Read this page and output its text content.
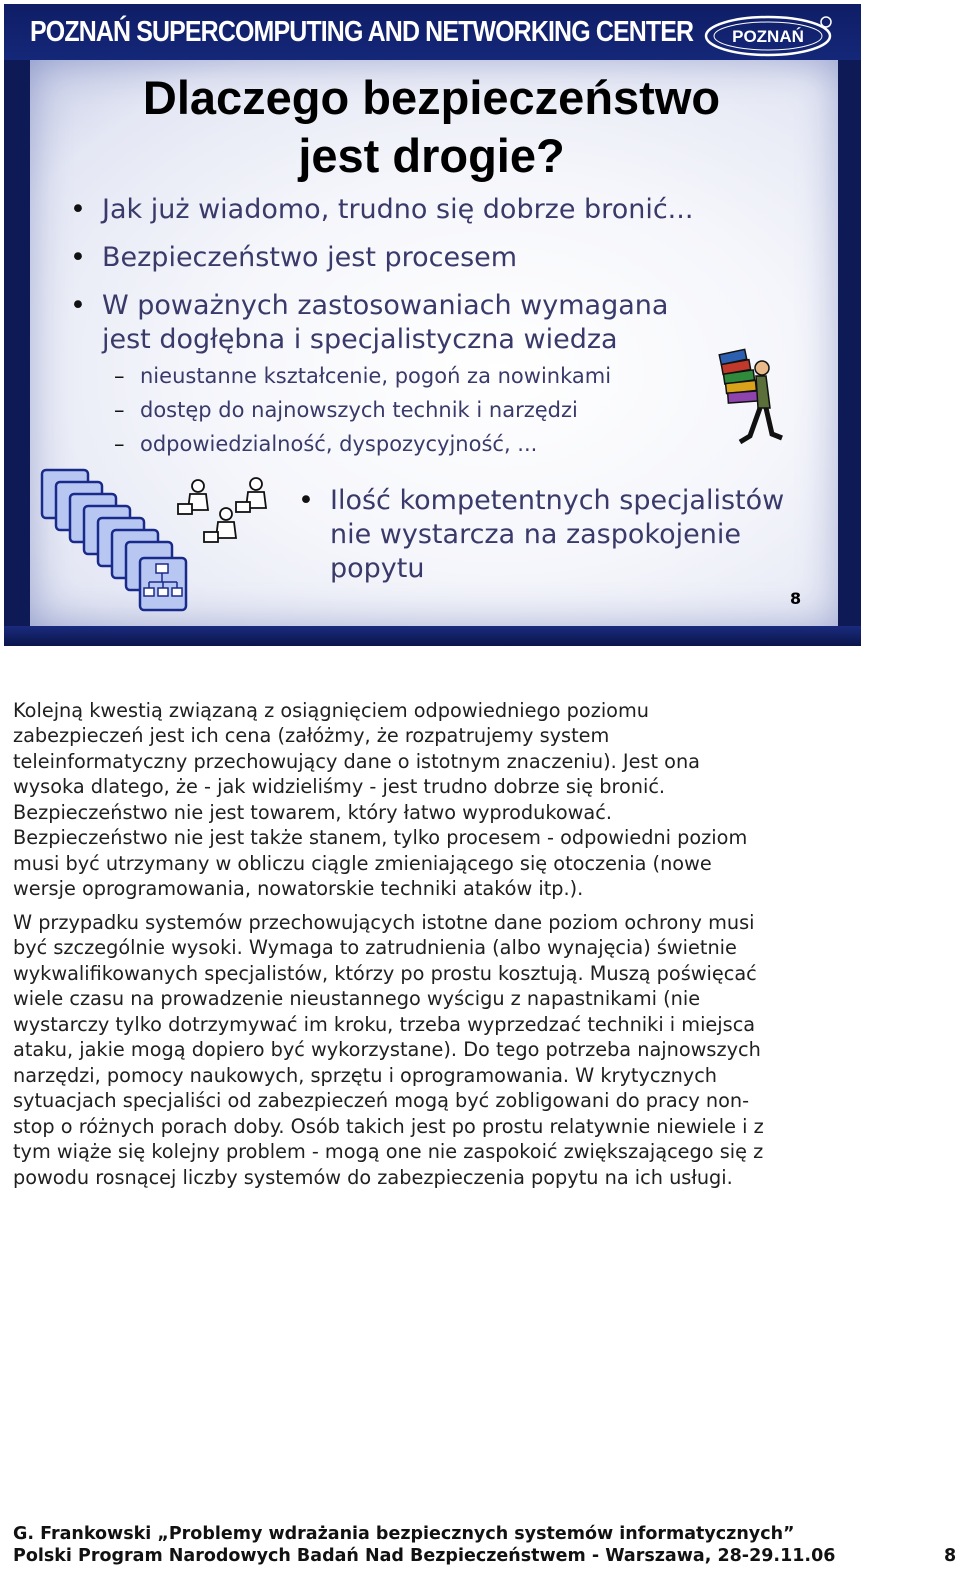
POZNAŃ SUPERCOMPUTING AND NETWORKING CENTER POZNAŃ
Dlaczego bezpieczeństwo
jest drogie?
• Jak już wiadomo, trudno się dobrze bronić...
• Bezpieczeństwo jest procesem
• W poważnych zastosowaniach wymagana
jest dogłębna i specjalistyczna wiedza
– nieustanne kształcenie, pogoń za nowinkami
– dostęp do najnowszych technik i narzędzi
– odpowiedzialność, dyspozycyjność, ...
• Ilość kompetentnych specjalistów
nie wystarcza na zaspokojenie
popytu
8

Kolejną kwestią związaną z osiągnięciem odpowiedniego poziomu

zabezpieczeń jest ich cena (załóżmy, że rozpatrujemy system

teleinformatyczny przechowujący dane o istotnym znaczeniu). Jest ona

wysoka dlatego, że - jak widzieliśmy - jest trudno dobrze się bronić.

Bezpieczeństwo nie jest towarem, który łatwo wyprodukować.

Bezpieczeństwo nie jest także stanem, tylko procesem - odpowiedni poziom

musi być utrzymany w obliczu ciągle zmieniającego się otoczenia (nowe

wersje oprogramowania, nowatorskie techniki ataków itp.).

W przypadku systemów przechowujących istotne dane poziom ochrony musi

być szczególnie wysoki. Wymaga to zatrudnienia (albo wynajęcia) świetnie

wykwalifikowanych specjalistów, którzy po prostu kosztują. Muszą poświęcać

wiele czasu na prowadzenie nieustannego wyścigu z napastnikami (nie

wystarczy tylko dotrzymywać im kroku, trzeba wyprzedzać techniki i miejsca

ataku, jakie mogą dopiero być wykorzystane). Do tego potrzeba najnowszych

narzędzi, pomocy naukowych, sprzętu i oprogramowania. W krytycznych

sytuacjach specjaliści od zabezpieczeń mogą być zobligowani do pracy non-

stop o różnych porach doby. Osób takich jest po prostu relatywnie niewiele i z

tym wiąże się kolejny problem - mogą one nie zaspokoić zwiększającego się z

powodu rosnącej liczby systemów do zabezpieczenia popytu na ich usługi.

G. Frankowski „Problemy wdrażania bezpiecznych systemów informatycznych”
Polski Program Narodowych Badań Nad Bezpieczeństwem - Warszawa, 28-29.11.06	8
